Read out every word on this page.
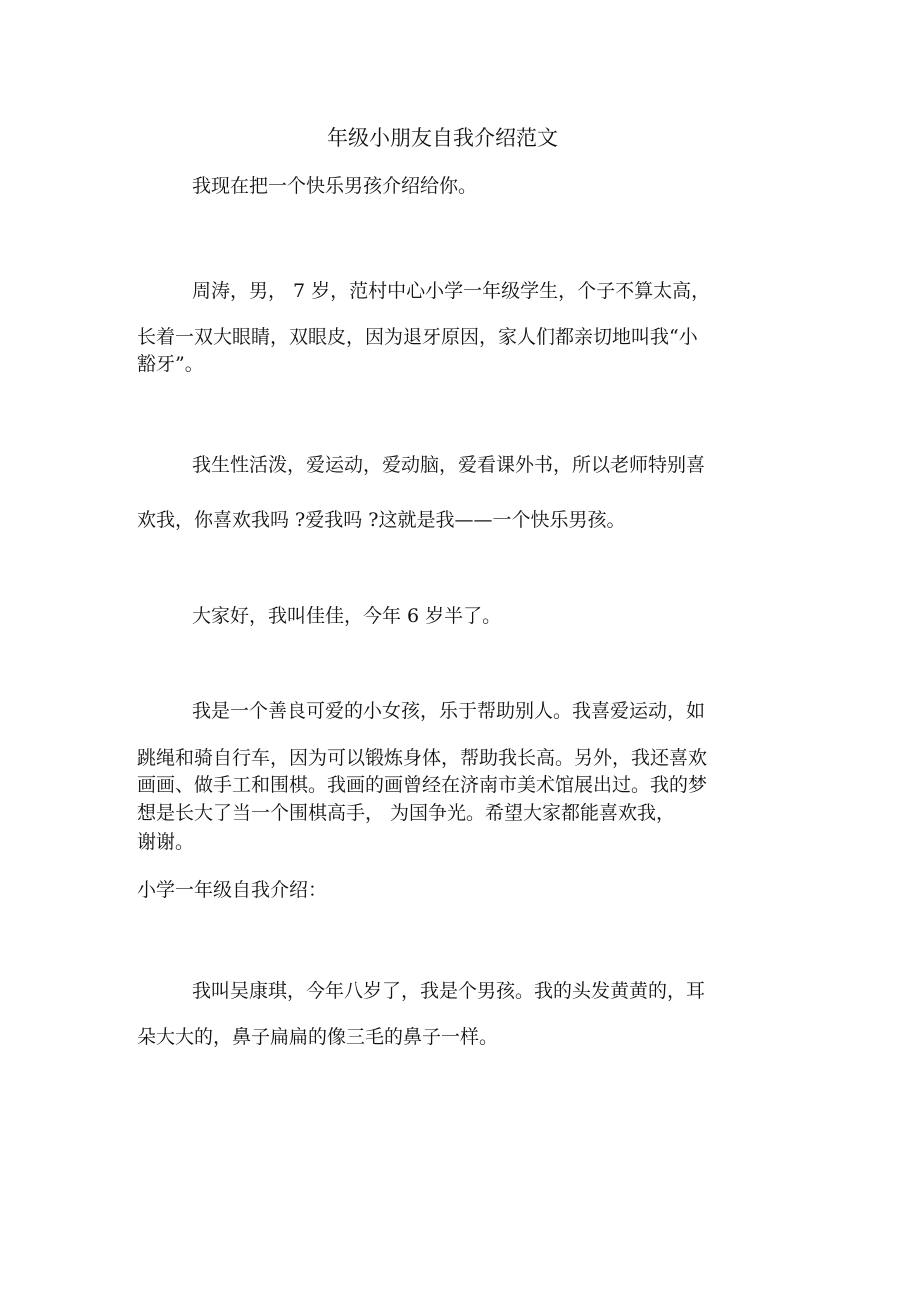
年级小朋友自我介绍范文

我现在把一个快乐男孩介绍给你。

周涛，男， 7 岁，范村中心小学一年级学生，个子不算太高，

长着一双大眼睛，双眼皮，因为退牙原因，家人们都亲切地叫我“小

豁牙”。

我生性活泼，爱运动，爱动脑，爱看课外书，所以老师特别喜

欢我，你喜欢我吗 ?爱我吗 ?这就是我——一个快乐男孩。

大家好，我叫佳佳，今年 6 岁半了。

我是一个善良可爱的小女孩，乐于帮助别人。我喜爱运动，如

跳绳和骑自行车，因为可以锻炼身体，帮助我长高。另外，我还喜欢

画画、做手工和围棋。我画的画曾经在济南市美术馆展出过。我的梦

想是长大了当一个围棋高手， 为国争光。希望大家都能喜欢我，

谢谢。

小学一年级自我介绍：

我叫吴康琪，今年八岁了，我是个男孩。我的头发黄黄的，耳

朵大大的，鼻子扁扁的像三毛的鼻子一样。
